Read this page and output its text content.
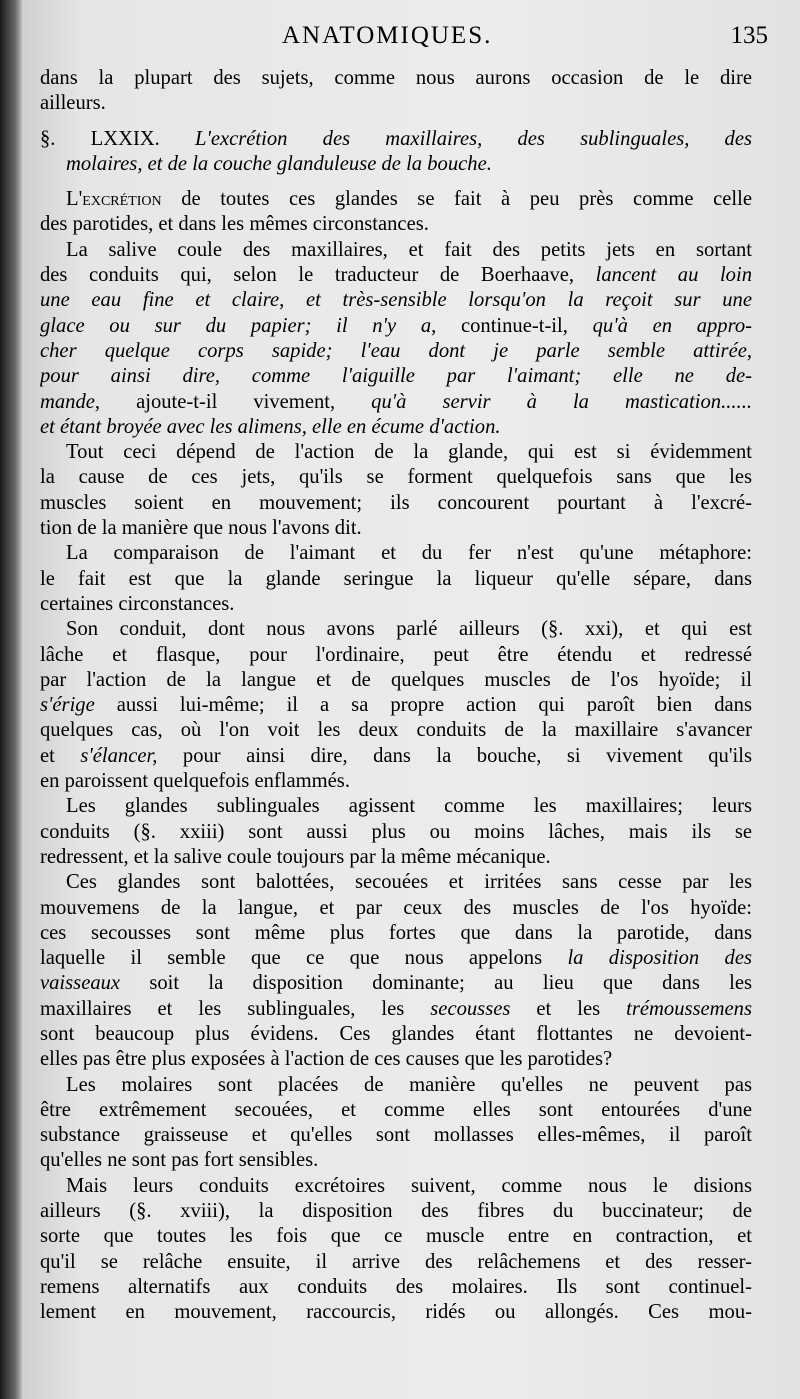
ANATOMIQUES.	135
dans la plupart des sujets, comme nous aurons occasion de le dire
ailleurs.
§. LXXIX. L'excrétion des maxillaires, des sublinguales, des
molaires, et de la couche glanduleuse de la bouche.
L'excrétion de toutes ces glandes se fait à peu près comme celle
des parotides, et dans les mêmes circonstances.
La salive coule des maxillaires, et fait des petits jets en sortant
des conduits qui, selon le traducteur de Boerhaave, lancent au loin
une eau fine et claire, et très-sensible lorsqu'on la reçoit sur une
glace ou sur du papier; il n'y a, continue-t-il, qu'à en appro-
cher quelque corps sapide; l'eau dont je parle semble attirée,
pour ainsi dire, comme l'aiguille par l'aimant; elle ne de-
mande, ajoute-t-il vivement, qu'à servir à la mastication......
et étant broyée avec les alimens, elle en écume d'action.
Tout ceci dépend de l'action de la glande, qui est si évidemment
la cause de ces jets, qu'ils se forment quelquefois sans que les
muscles soient en mouvement; ils concourent pourtant à l'excré-
tion de la manière que nous l'avons dit.
La comparaison de l'aimant et du fer n'est qu'une métaphore:
le fait est que la glande seringue la liqueur qu'elle sépare, dans
certaines circonstances.
Son conduit, dont nous avons parlé ailleurs (§. xxi), et qui est
lâche et flasque, pour l'ordinaire, peut être étendu et redressé
par l'action de la langue et de quelques muscles de l'os hyoïde; il
s'érige aussi lui-même; il a sa propre action qui paroît bien dans
quelques cas, où l'on voit les deux conduits de la maxillaire s'avancer
et s'élancer, pour ainsi dire, dans la bouche, si vivement qu'ils
en paroissent quelquefois enflammés.
Les glandes sublinguales agissent comme les maxillaires; leurs
conduits (§. xxiii) sont aussi plus ou moins lâches, mais ils se
redressent, et la salive coule toujours par la même mécanique.
Ces glandes sont balottées, secouées et irritées sans cesse par les
mouvemens de la langue, et par ceux des muscles de l'os hyoïde:
ces secousses sont même plus fortes que dans la parotide, dans
laquelle il semble que ce que nous appelons la disposition des
vaisseaux soit la disposition dominante; au lieu que dans les
maxillaires et les sublinguales, les secousses et les trémoussemens
sont beaucoup plus évidens. Ces glandes étant flottantes ne devoient-
elles pas être plus exposées à l'action de ces causes que les parotides?
Les molaires sont placées de manière qu'elles ne peuvent pas
être extrêmement secouées, et comme elles sont entourées d'une
substance graisseuse et qu'elles sont mollasses elles-mêmes, il paroît
qu'elles ne sont pas fort sensibles.
Mais leurs conduits excrétoires suivent, comme nous le disions
ailleurs (§. xviii), la disposition des fibres du buccinateur; de
sorte que toutes les fois que ce muscle entre en contraction, et
qu'il se relâche ensuite, il arrive des relâchemens et des resser-
remens alternatifs aux conduits des molaires. Ils sont continuel-
lement en mouvement, raccourcis, ridés ou allongés. Ces mou-
